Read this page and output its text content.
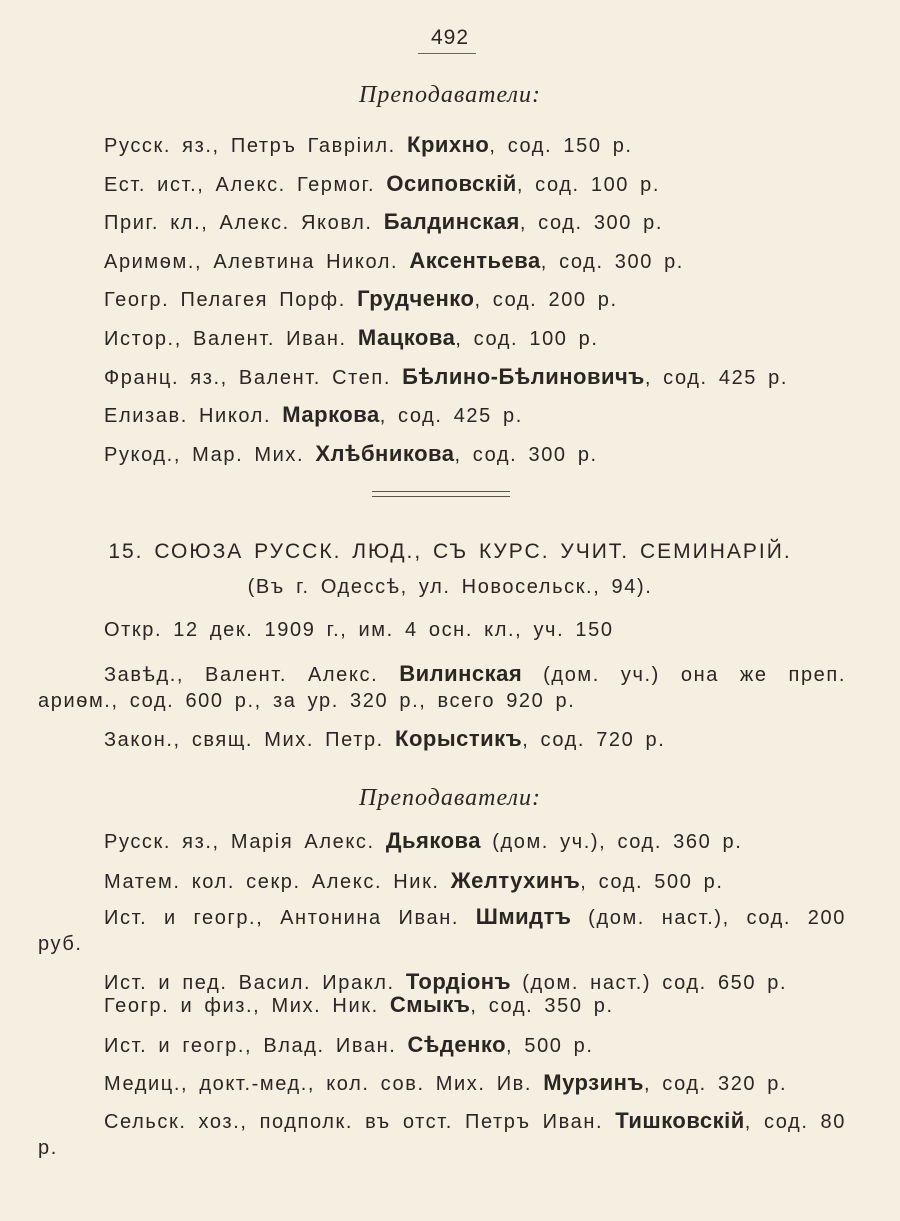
492
Преподаватели:
Русск. яз., Петръ Гаврiил. Крихно, сод. 150 р.
Ест. ист., Алекс. Гермог. Осиповскiй, сод. 100 р.
Приг. кл., Алекс. Яковл. Балдинская, сод. 300 р.
Аримѳм., Алевтина Никол. Аксентьева, сод. 300 р.
Геогр. Пелагея Порф. Грудченко, сод. 200 р.
Истор., Валент. Иван. Мацкова, сод. 100 р.
Франц. яз., Валент. Степ. Бѣлино-Бѣлиновичъ, сод. 425 р.
Елизав. Никол. Маркова, сод. 425 р.
Рукод., Мар. Мих. Хлѣбникова, сод. 300 р.
15. СОЮЗА РУССК. ЛЮД., СЪ КУРС. УЧИТ. СЕМИНАРIЙ.
(Въ г. Одессѣ, ул. Новосельск., 94).
Откр. 12 дек. 1909 г., им. 4 осн. кл., уч. 150
Завѣд., Валент. Алекс. Вилинская (дом. уч.) она же преп. ариѳм., сод. 600 р., за ур. 320 р., всего 920 р.
Закон., свящ. Мих. Петр. Корыстикъ, сод. 720 р.
Преподаватели:
Русск. яз., Марiя Алекс. Дьякова (дом. уч.), сод. 360 р.
Матем. кол. секр. Алекс. Ник. Желтухинъ, сод. 500 р.
Ист. и геогр., Антонина Иван. Шмидтъ (дом. наст.), сод. 200 руб.
Ист. и пед. Васил. Иракл. Тордiонъ (дом. наст.) сод. 650 р.
Геогр. и физ., Мих. Ник. Смыкъ, сод. 350 р.
Ист. и геогр., Влад. Иван. Сѣденко, 500 р.
Медиц., докт.-мед., кол. сов. Мих. Ив. Мурзинъ, сод. 320 р.
Сельск. хоз., подполк. въ отст. Петръ Иван. Тишковскiй, сод. 80 р.
